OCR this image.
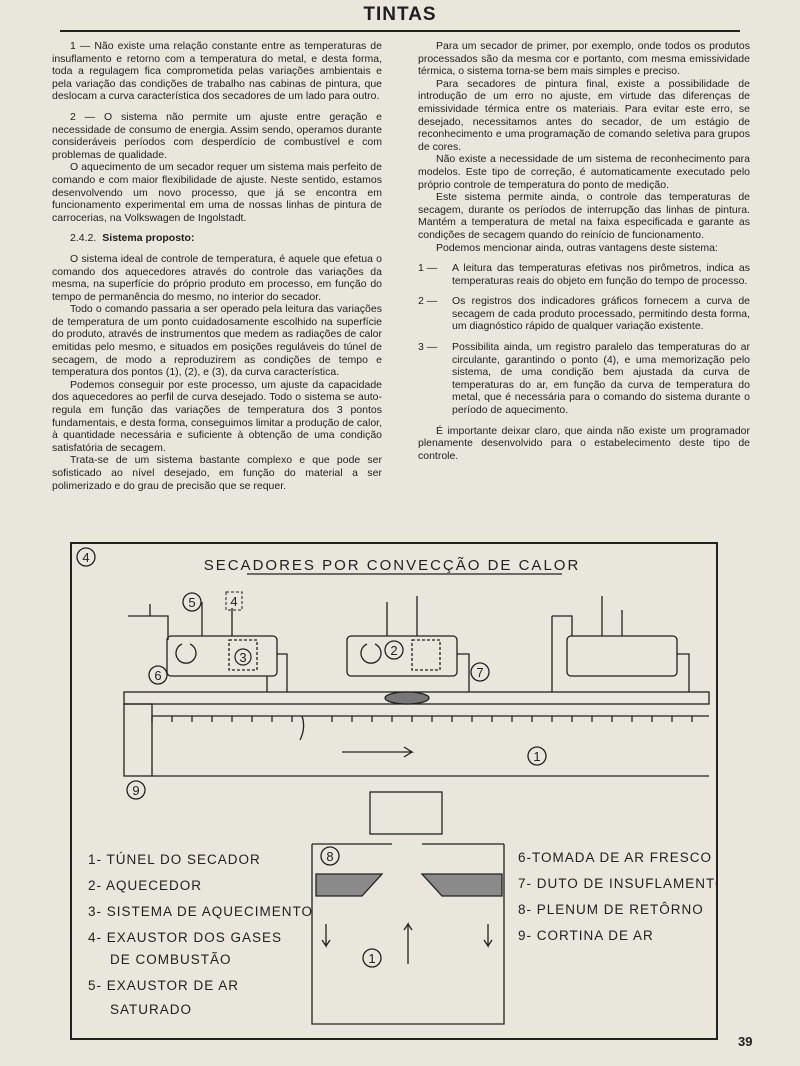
TINTAS

1 — Não existe uma relação constante entre as temperaturas de insuflamento e retorno com a temperatura do metal, e desta forma, toda a regulagem fica comprometida pelas variações ambientais e pela variação das condições de trabalho nas cabinas de pintura, que deslocam a curva característica dos secadores de um lado para outro.

2 — O sistema não permite um ajuste entre geração e necessidade de consumo de energia. Assim sendo, operamos durante consideráveis períodos com desperdício de combustível e com problemas de qualidade.

O aquecimento de um secador requer um sistema mais perfeito de comando e com maior flexibilidade de ajuste. Neste sentido, estamos desenvolvendo um novo processo, que já se encontra em funcionamento experimental em uma de nossas linhas de pintura de carrocerias, na Volkswagen de Ingolstadt.

2.4.2. Sistema proposto:

O sistema ideal de controle de temperatura, é aquele que efetua o comando dos aquecedores através do controle das variações da mesma, na superfície do próprio produto em processo, em função do tempo de permanência do mesmo, no interior do secador.

Todo o comando passaria a ser operado pela leitura das variações de temperatura de um ponto cuidadosamente escolhido na superfície do produto, através de instrumentos que medem as radiações de calor emitidas pelo mesmo, e situados em posições reguláveis do túnel de secagem, de modo a reproduzirem as condições de tempo e temperatura dos pontos (1), (2), e (3), da curva característica.

Podemos conseguir por este processo, um ajuste da capacidade dos aquecedores ao perfil de curva desejado. Todo o sistema se auto-regula em função das variações de temperatura dos 3 pontos fundamentais, e desta forma, conseguimos limitar a produção de calor, à quantidade necessária e suficiente à obtenção de uma condição satisfatória de secagem.

Trata-se de um sistema bastante complexo e que pode ser sofisticado ao nível desejado, em função do material a ser polimerizado e do grau de precisão que se requer.

Para um secador de primer, por exemplo, onde todos os produtos processados são da mesma cor e portanto, com mesma emissividade térmica, o sistema torna-se bem mais simples e preciso.

Para secadores de pintura final, existe a possibilidade de introdução de um erro no ajuste, em virtude das diferenças de emissividade térmica entre os materiais. Para evitar este erro, se desejado, necessitamos antes do secador, de um estágio de reconhecimento e uma programação de comando seletiva para grupos de cores.

Não existe a necessidade de um sistema de reconhecimento para modelos. Este tipo de correção, é automaticamente executado pelo próprio controle de temperatura do ponto de medição.

Este sistema permite ainda, o controle das temperaturas de secagem, durante os períodos de interrupção das linhas de pintura. Mantém a temperatura de metal na faixa especificada e garante as condições de secagem quando do reinício de funcionamento.

Podemos mencionar ainda, outras vantagens deste sistema:

1 —	A leitura das temperaturas efetivas nos pirômetros, indica as temperaturas reais do objeto em função do tempo de processo.
2 —	Os registros dos indicadores gráficos fornecem a curva de secagem de cada produto processado, permitindo desta forma, um diagnóstico rápido de qualquer variação existente.
3 —	Possibilita ainda, um registro paralelo das temperaturas do ar circulante, garantindo o ponto (4), e uma memorização pelo sistema, de uma condição bem ajustada da curva de temperaturas do ar, em função da curva de temperatura do metal, que é necessária para o comando do sistema durante o período de aquecimento.

É importante deixar claro, que ainda não existe um programador plenamente desenvolvido para o estabelecimento deste tipo de controle.

4	SECADORES POR CONVECÇÃO DE CALOR
1
9
5	4
3
6
2
7
8
1
1- TÚNEL DO SECADOR
2- AQUECEDOR
3- SISTEMA DE AQUECIMENTO
4- EXAUSTOR DOS GASES
DE COMBUSTÃO
5- EXAUSTOR DE AR
SATURADO
6-TOMADA DE AR FRESCO
7- DUTO DE INSUFLAMENTO
8- PLENUM DE RETÔRNO
9- CORTINA DE AR
39
